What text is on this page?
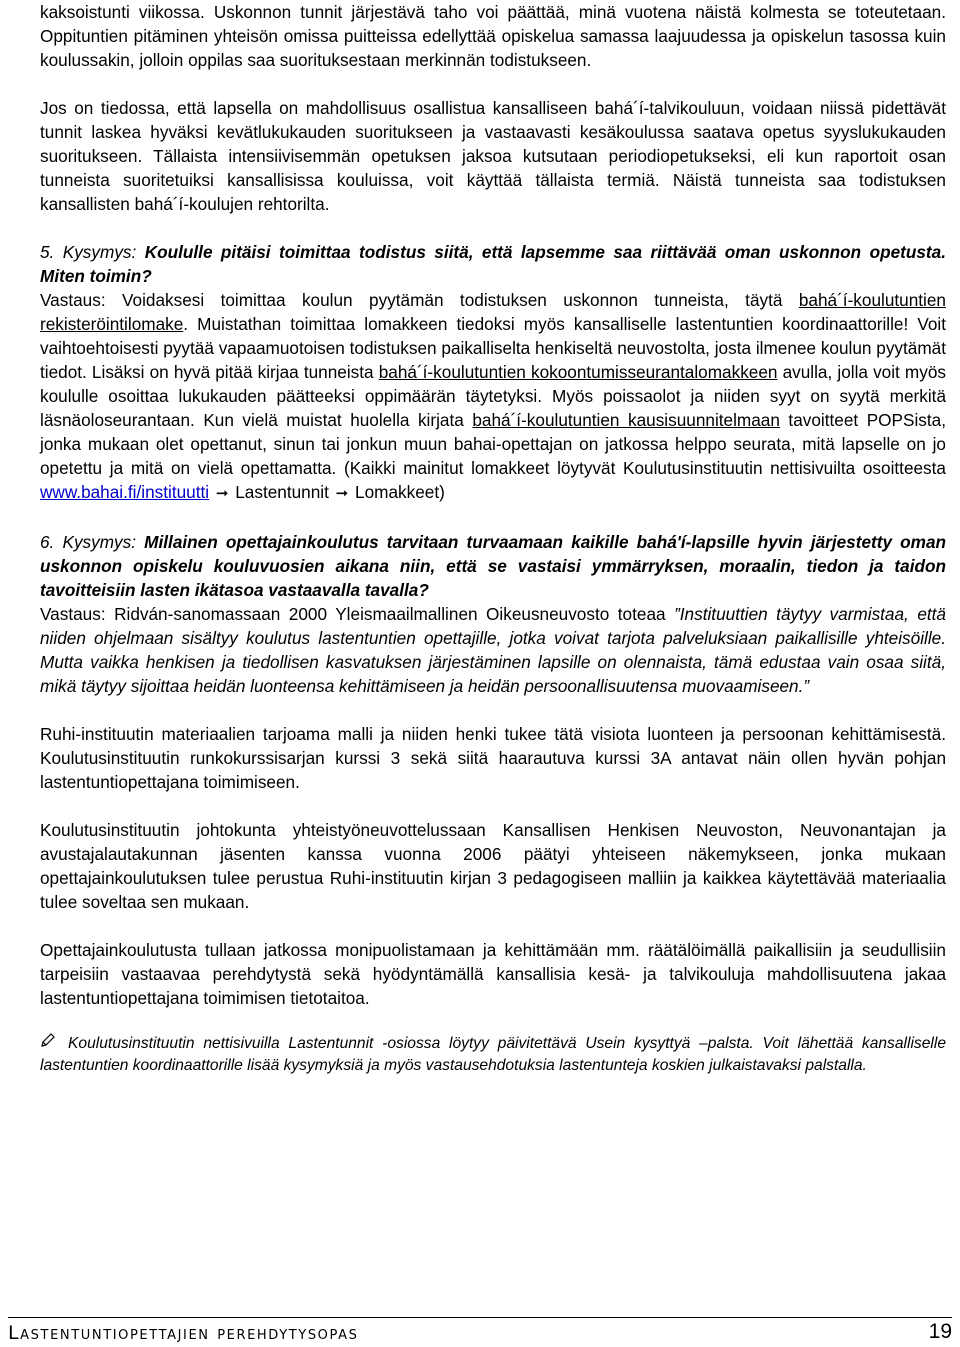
kaksoistunti viikossa. Uskonnon tunnit järjestävä taho voi päättää, minä vuotena näistä kolmesta se toteutetaan. Oppituntien pitäminen yhteisön omissa puitteissa edellyttää opiskelua samassa laajuudessa ja opiskelun tasossa kuin koulussakin, jolloin oppilas saa suorituksestaan merkinnän todistukseen.

Jos on tiedossa, että lapsella on mahdollisuus osallistua kansalliseen bahá´í-talvikouluun, voidaan niissä pidettävät tunnit laskea hyväksi kevätlukukauden suoritukseen ja vastaavasti kesäkoulussa saatava opetus syyslukukauden suoritukseen. Tällaista intensiivisemmän opetuksen jaksoa kutsutaan periodiopetukseksi, eli kun raportoit osan tunneista suoritetuiksi kansallisissa kouluissa, voit käyttää tällaista termiä. Näistä tunneista saa todistuksen kansallisten bahá´í-koulujen rehtorilta.

5. Kysymys: Koululle pitäisi toimittaa todistus siitä, että lapsemme saa riittävää oman uskonnon opetusta. Miten toimin?

Vastaus: Voidaksesi toimittaa koulun pyytämän todistuksen uskonnon tunneista, täytä bahá´í-koulutuntien rekisteröintilomake. Muistathan toimittaa lomakkeen tiedoksi myös kansalliselle lastentuntien koordinaattorille! Voit vaihtoehtoisesti pyytää vapaamuotoisen todistuksen paikalliselta henkiseltä neuvostolta, josta ilmenee koulun pyytämät tiedot. Lisäksi on hyvä pitää kirjaa tunneista bahá´í-koulutuntien kokoontumisseurantalomakkeen avulla, jolla voit myös koululle osoittaa lukukauden päätteeksi oppimäärän täytetyksi. Myös poissaolot ja niiden syyt on syytä merkitä läsnäoloseurantaan. Kun vielä muistat huolella kirjata bahá´í-koulutuntien kausisuunnitelmaan tavoitteet POPSista, jonka mukaan olet opettanut, sinun tai jonkun muun bahai-opettajan on jatkossa helppo seurata, mitä lapselle on jo opetettu ja mitä on vielä opettamatta. (Kaikki mainitut lomakkeet löytyvät Koulutusinstituutin nettisivuilta osoitteesta www.bahai.fi/instituutti ➞ Lastentunnit ➞ Lomakkeet)

6. Kysymys: Millainen opettajainkoulutus tarvitaan turvaamaan kaikille bahá'í-lapsille hyvin järjestetty oman uskonnon opiskelu kouluvuosien aikana niin, että se vastaisi ymmärryksen, moraalin, tiedon ja taidon tavoitteisiin lasten ikätasoa vastaavalla tavalla?

Vastaus: Ridván-sanomassaan 2000 Yleismaailmallinen Oikeusneuvosto toteaa ”Instituuttien täytyy varmistaa, että niiden ohjelmaan sisältyy koulutus lastentuntien opettajille, jotka voivat tarjota palveluksiaan paikallisille yhteisöille. Mutta vaikka henkisen ja tiedollisen kasvatuksen järjestäminen lapsille on olennaista, tämä edustaa vain osaa siitä, mikä täytyy sijoittaa heidän luonteensa kehittämiseen ja heidän persoonallisuutensa muovaamiseen.”

Ruhi-instituutin materiaalien tarjoama malli ja niiden henki tukee tätä visiota luonteen ja persoonan kehittämisestä. Koulutusinstituutin runkokurssisarjan kurssi 3 sekä siitä haarautuva kurssi 3A antavat näin ollen hyvän pohjan lastentuntiopettajana toimimiseen.

Koulutusinstituutin johtokunta yhteistyöneuvottelussaan Kansallisen Henkisen Neuvoston, Neuvonantajan ja avustajalautakunnan jäsenten kanssa vuonna 2006 päätyi yhteiseen näkemykseen, jonka mukaan opettajainkoulutuksen tulee perustua Ruhi-instituutin kirjan 3 pedagogiseen malliin ja kaikkea käytettävää materiaalia tulee soveltaa sen mukaan.

Opettajainkoulutusta tullaan jatkossa monipuolistamaan ja kehittämään mm. räätälöimällä paikallisiin ja seudullisiin tarpeisiin vastaavaa perehdytystä sekä hyödyntämällä kansallisia kesä- ja talvikouluja mahdollisuutena jakaa lastentuntiopettajana toimimisen tietotaitoa.

Koulutusinstituutin nettisivuilla Lastentunnit -osiossa löytyy päivitettävä Usein kysyttyä –palsta. Voit lähettää kansalliselle lastentuntien koordinaattorille lisää kysymyksiä ja myös vastausehdotuksia lastentunteja koskien julkaistavaksi palstalla.

Lastentuntiopettajien perehdytysopas	19
